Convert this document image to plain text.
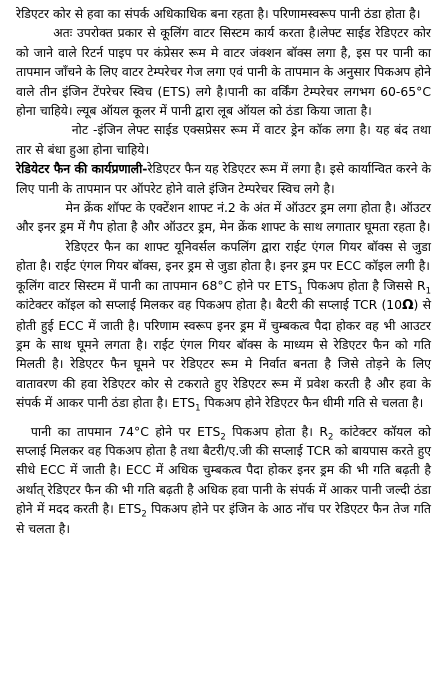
रेडिएटर कोर से हवा का संपर्क अधिकाधिक बना रहता है। परिणामस्वरूप पानी ठंडा होता है।

अतः उपरोक्त प्रकार से कूलिंग वाटर सिस्टम कार्य करता है।लेफ्ट साईड रेडिएटर कोर को जाने वाले रिटर्न पाइप पर कंप्रेसर रूम मे वाटर जंक्शन बॉक्स लगा है, इस पर पानी का तापमान जाँचने के लिए वाटर टेम्परेचर गेज लगा एवं पानी के तापमान के अनुसार पिकअप होने वाले तीन इंजिन टेंपरेचर स्विच (ETS) लगे है।पानी का वर्किंग टेम्परेचर लगभग 60-65°C होना चाहिये। ल्यूब ऑयल कूलर में पानी द्वारा लूब ऑयल को ठंडा किया जाता है।

नोट -इंजिन लेफ्ट साईड एक्सप्रेसर रूम में वाटर ड्रेन कॉक लगा है। यह बंद तथा तार से बंधा हुआ होना चाहिये।

रेडियेटर फैन की कार्यप्रणाली-रेडिएटर फैन यह रेडिएटर रूम में लगा है। इसे कार्यान्वित करने के लिए पानी के तापमान पर ऑपरेट होने वाले इंजिन टेम्परेचर स्विच लगे है।

मेन क्रेंक शॉफ्ट के एक्टेंशन शाफ्ट नं.2 के अंत में ऑउटर ड्रम लगा होता है। ऑउटर और इनर ड्रम में गैप होता है और ऑउटर ड्रम, मेन क्रेंक शाफ्ट के साथ लगातार घूमता रहता है।

रेडिएटर फैन का शाफ्ट यूनिवर्सल कपलिंग द्वारा राईट एंगल गियर बॉक्स से जुडा होता है। राईट एंगल गियर बॉक्स, इनर ड्रम से जुडा होता है। इनर ड्रम पर ECC कॉइल लगी है।

कूलिंग वाटर सिस्टम में पानी का तापमान 68°C होने पर $ETS_1$ पिकअप होता है जिससे $R_1$ कांटेक्टर कॉइल को सप्लाई मिलकर वह पिकअप होता है। बैटरी की सप्लाई TCR (10Ω) से होती हुई ECC में जाती है। परिणाम स्वरूप इनर ड्रम में चुम्बकत्व पैदा होकर वह भी आउटर ड्रम के साथ घूमने लगता है। राईट एंगल गियर बॉक्स के माध्यम से रेडिएटर फैन को गति मिलती है। रेडिएटर फैन घूमने पर रेडिएटर रूम मे निर्वात बनता है जिसे तोड़ने के लिए वातावरण की हवा रेडिएटर कोर से टकराते हुए रेडिएटर रूम में प्रवेश करती है और हवा के संपर्क में आकर पानी ठंडा होता है। $ETS_1$ पिकअप होने रेडिएटर फैन धीमी गति से चलता है।

पानी का तापमान 74°C होने पर $ETS_2$ पिकअप होता है। $R_2$ कांटेक्टर कॉयल को सप्लाई मिलकर वह पिकअप होता है तथा बैटरी/ए.जी की सप्लाई TCR को बायपास करते हुए सीधे ECC में जाती है। ECC में अधिक चुम्बकत्व पैदा होकर इनर ड्रम की भी गति बढ़ती है अर्थात् रेडिएटर फैन की भी गति बढ़ती है अधिक हवा पानी के संपर्क में आकर पानी जल्दी ठंडा होने में मदद करती है। $ETS_2$ पिकअप होने पर इंजिन के आठ नॉच पर रेडिएटर फैन तेज गति से चलता है।
